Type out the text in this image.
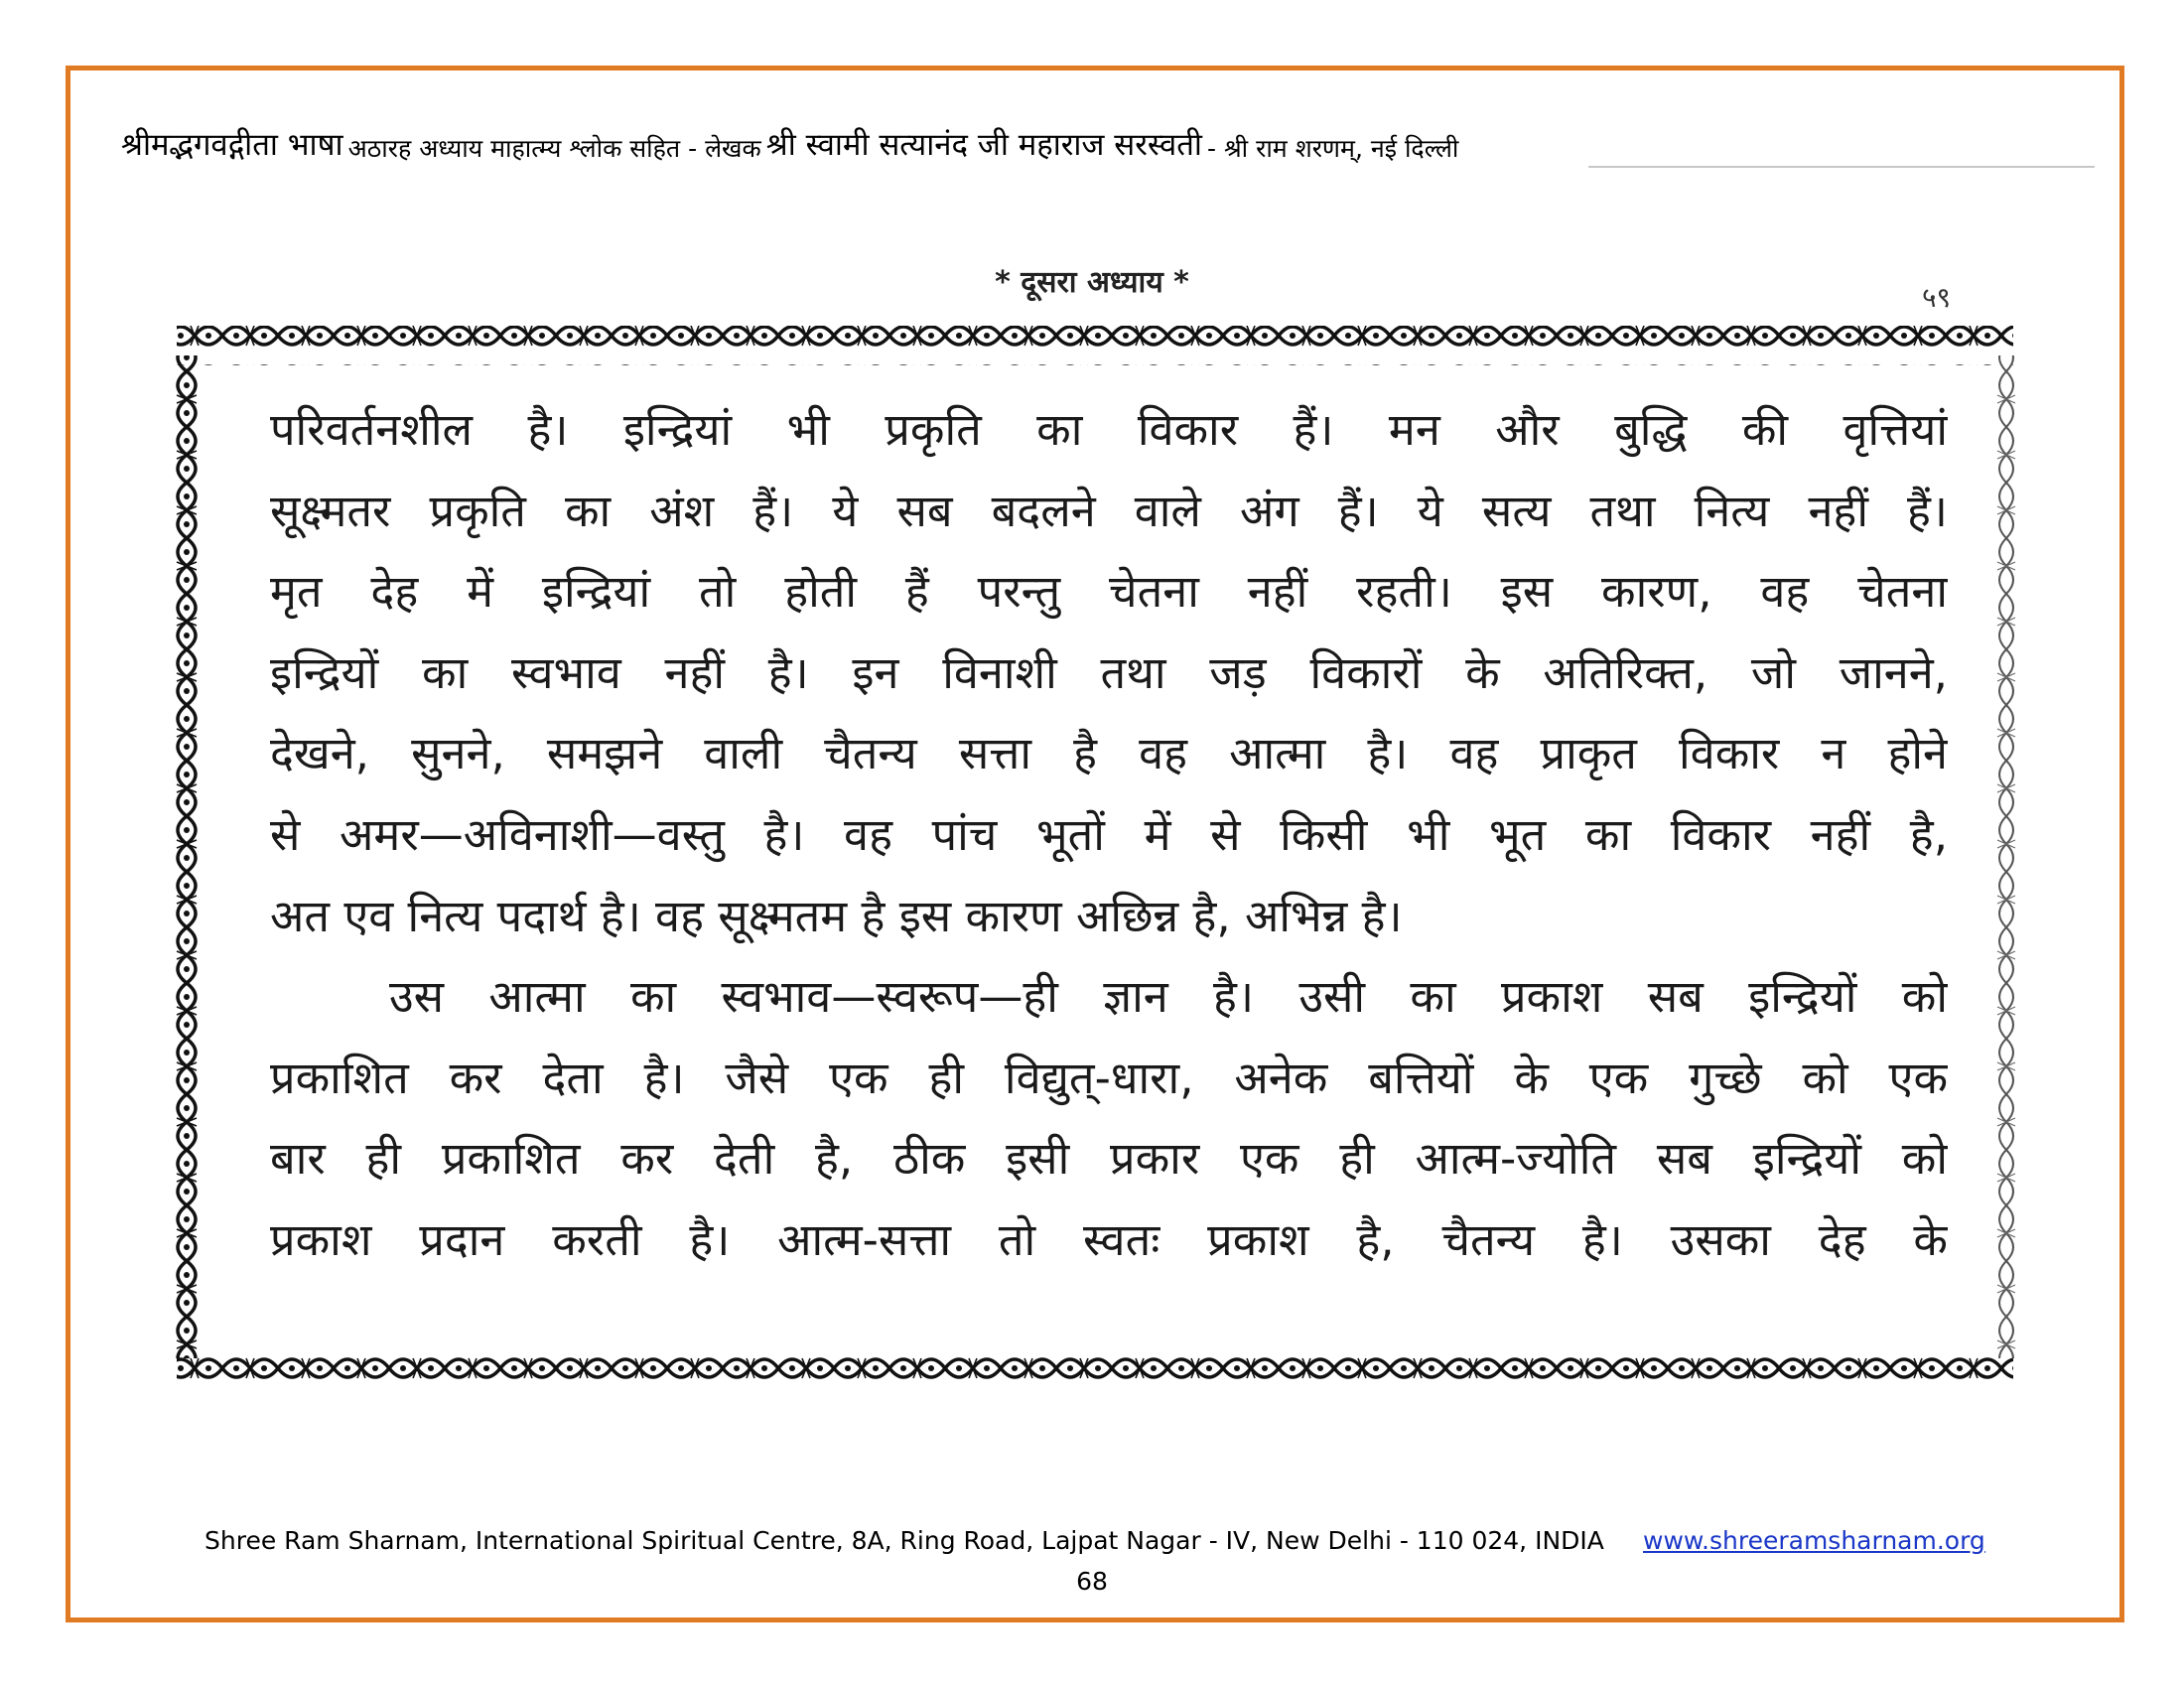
श्रीमद्भगवद्गीता भाषा
अठारह अध्याय माहात्म्य श्लोक सहित - लेखक
श्री स्वामी सत्यानंद जी महाराज सरस्वती
- श्री राम शरणम्, नई दिल्ली
* दूसरा अध्याय *	५९
परिवर्तनशील है। इन्द्रियां भी प्रकृति का विकार हैं। मन और बुद्धि की वृत्तियां
सूक्ष्मतर प्रकृति का अंश हैं। ये सब बदलने वाले अंग हैं। ये सत्य तथा नित्य नहीं हैं।
मृत देह में इन्द्रियां तो होती हैं परन्तु चेतना नहीं रहती। इस कारण, वह चेतना
इन्द्रियों का स्वभाव नहीं है। इन विनाशी तथा जड़ विकारों के अतिरिक्त, जो जानने,
देखने, सुनने, समझने वाली चैतन्य सत्ता है वह आत्मा है। वह प्राकृत विकार न होने
से अमर—अविनाशी—वस्तु है। वह पांच भूतों में से किसी भी भूत का विकार नहीं है,
अत एव नित्य पदार्थ है। वह सूक्ष्मतम है इस कारण अछिन्न है, अभिन्न है।
उस आत्मा का स्वभाव—स्वरूप—ही ज्ञान है। उसी का प्रकाश सब इन्द्रियों को
प्रकाशित कर देता है। जैसे एक ही विद्युत्-धारा, अनेक बत्तियों के एक गुच्छे को एक
बार ही प्रकाशित कर देती है, ठीक इसी प्रकार एक ही आत्म-ज्योति सब इन्द्रियों को
प्रकाश प्रदान करती है। आत्म-सत्ता तो स्वतः प्रकाश है, चैतन्य है। उसका देह के
Shree Ram Sharnam, International Spiritual Centre, 8A, Ring Road, Lajpat Nagar - IV, New Delhi - 110 024, INDIA www.shreeramsharnam.org
68
